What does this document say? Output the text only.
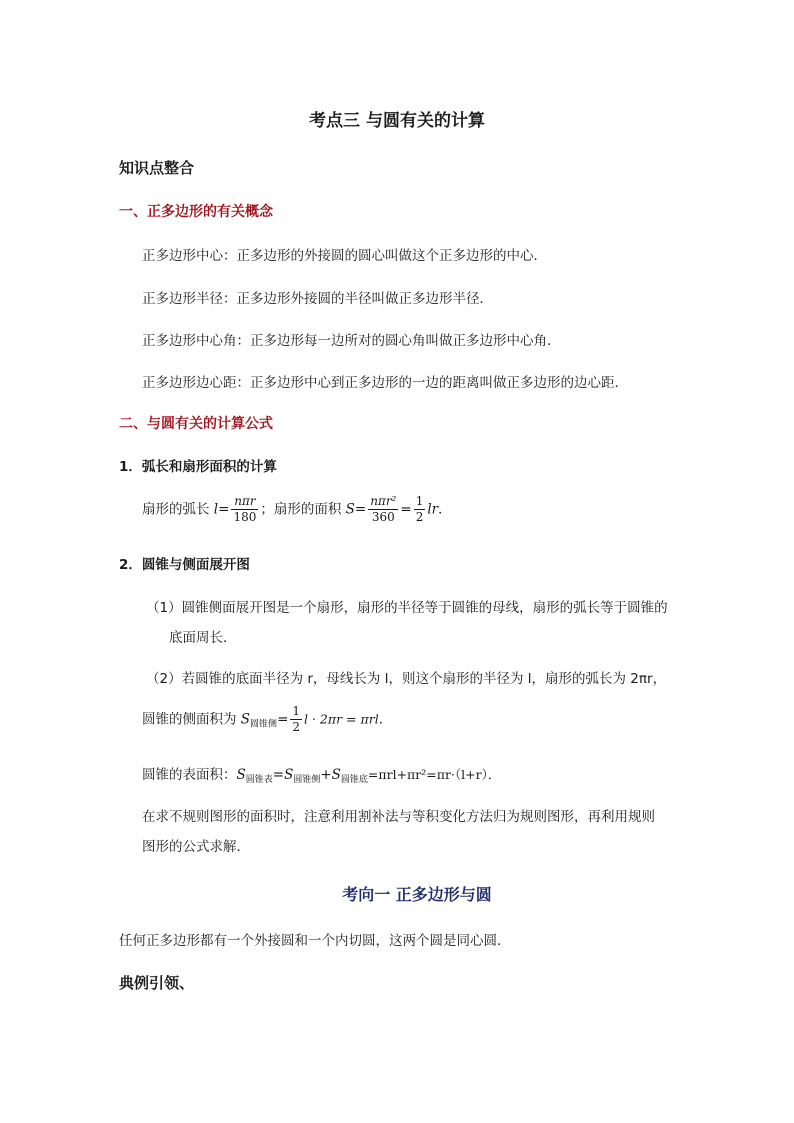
考点三 与圆有关的计算
知识点整合
一、正多边形的有关概念
正多边形中心：正多边形的外接圆的圆心叫做这个正多边形的中心．
正多边形半径：正多边形外接圆的半径叫做正多边形半径．
正多边形中心角：正多边形每一边所对的圆心角叫做正多边形中心角．
正多边形边心距：正多边形中心到正多边形的一边的距离叫做正多边形的边心距．
二、与圆有关的计算公式
1．弧长和扇形面积的计算
扇形的弧长 $l= \frac{\text{nπr}}{180}$ ；扇形的面积 $S= \frac{\text{nπr²}}{360} = \frac{1}{2}$ lr．
2．圆锥与侧面展开图
（1）圆锥侧面展开图是一个扇形，扇形的半径等于圆锥的母线，扇形的弧长等于圆锥的
底面周长．
（2）若圆锥的底面半径为 r，母线长为 l，则这个扇形的半径为 l，扇形的弧长为 2πr，
圆锥的侧面积为 $S_{圆锥侧}= \frac{1}{2}$ l · 2πr = πrl．
圆锥的表面积：$S_{圆锥表}=S_{圆锥侧}+S_{圆锥底}=\pi rl+\pi r^2=\pi r\cdot(l+r)$．
在求不规则图形的面积时，注意利用割补法与等积变化方法归为规则图形，再利用规则
图形的公式求解．
考向一 正多边形与圆
任何正多边形都有一个外接圆和一个内切圆，这两个圆是同心圆．
典例引领、
